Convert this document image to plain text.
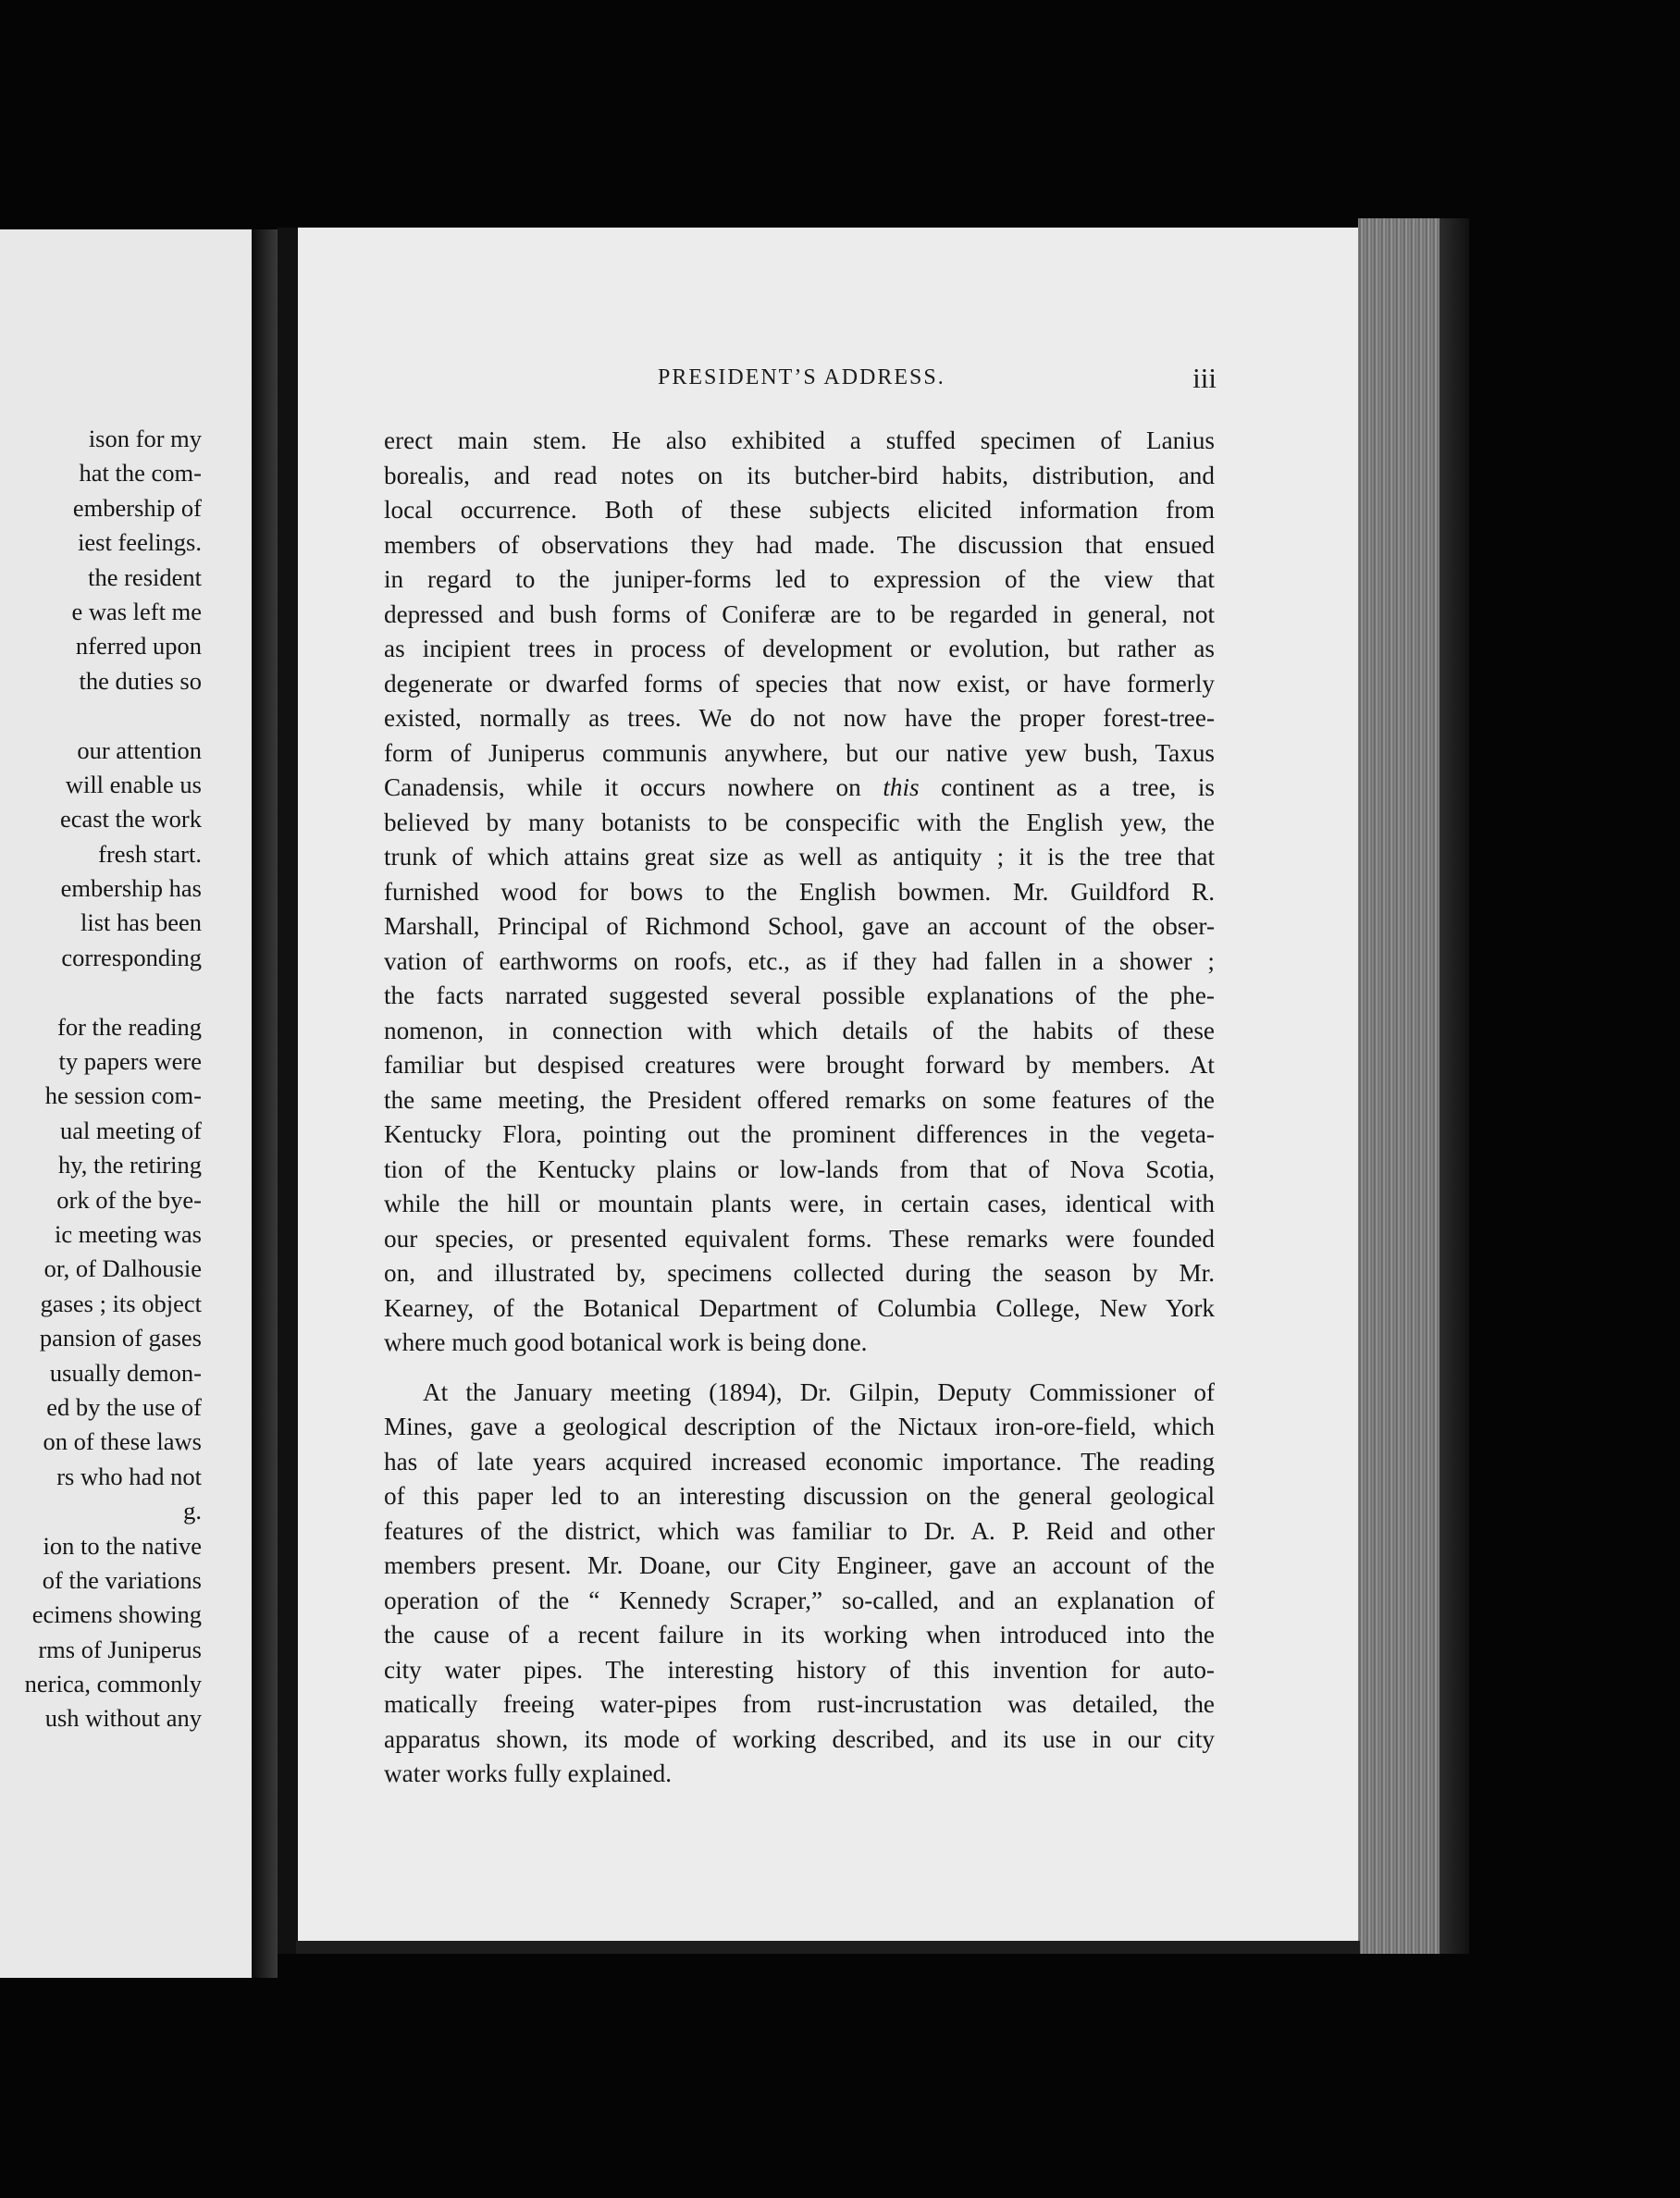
ison for my
hat the com-
embership of
iest feelings.
the resident
e was left me
nferred upon
the duties so
our attention
will enable us
ecast the work
fresh start.
embership has
list has been
corresponding
for the reading
ty papers were
he session com-
ual meeting of
hy, the retiring
ork of the bye-
ic meeting was
or, of Dalhousie
gases ; its object
pansion of gases
usually demon-
ed by the use of
on of these laws
rs who had not
g.
ion to the native
of the variations
ecimens showing
rms of Juniperus
nerica, commonly
ush without any
PRESIDENT’S ADDRESS.	iii
erect main stem. He also exhibited a stuffed specimen of Lanius
borealis, and read notes on its butcher-bird habits, distribution, and
local occurrence. Both of these subjects elicited information from
members of observations they had made. The discussion that ensued
in regard to the juniper-forms led to expression of the view that
depressed and bush forms of Coniferæ are to be regarded in general, not
as incipient trees in process of development or evolution, but rather as
degenerate or dwarfed forms of species that now exist, or have formerly
existed, normally as trees. We do not now have the proper forest-tree-
form of Juniperus communis anywhere, but our native yew bush, Taxus
Canadensis, while it occurs nowhere on this continent as a tree, is
believed by many botanists to be conspecific with the English yew, the
trunk of which attains great size as well as antiquity ; it is the tree that
furnished wood for bows to the English bowmen. Mr. Guildford R.
Marshall, Principal of Richmond School, gave an account of the obser-
vation of earthworms on roofs, etc., as if they had fallen in a shower ;
the facts narrated suggested several possible explanations of the phe-
nomenon, in connection with which details of the habits of these
familiar but despised creatures were brought forward by members. At
the same meeting, the President offered remarks on some features of the
Kentucky Flora, pointing out the prominent differences in the vegeta-
tion of the Kentucky plains or low-lands from that of Nova Scotia,
while the hill or mountain plants were, in certain cases, identical with
our species, or presented equivalent forms. These remarks were founded
on, and illustrated by, specimens collected during the season by Mr.
Kearney, of the Botanical Department of Columbia College, New York
where much good botanical work is being done.
At the January meeting (1894), Dr. Gilpin, Deputy Commissioner of
Mines, gave a geological description of the Nictaux iron-ore-field, which
has of late years acquired increased economic importance. The reading
of this paper led to an interesting discussion on the general geological
features of the district, which was familiar to Dr. A. P. Reid and other
members present. Mr. Doane, our City Engineer, gave an account of the
operation of the “ Kennedy Scraper,” so-called, and an explanation of
the cause of a recent failure in its working when introduced into the
city water pipes. The interesting history of this invention for auto-
matically freeing water-pipes from rust-incrustation was detailed, the
apparatus shown, its mode of working described, and its use in our city
water works fully explained.
